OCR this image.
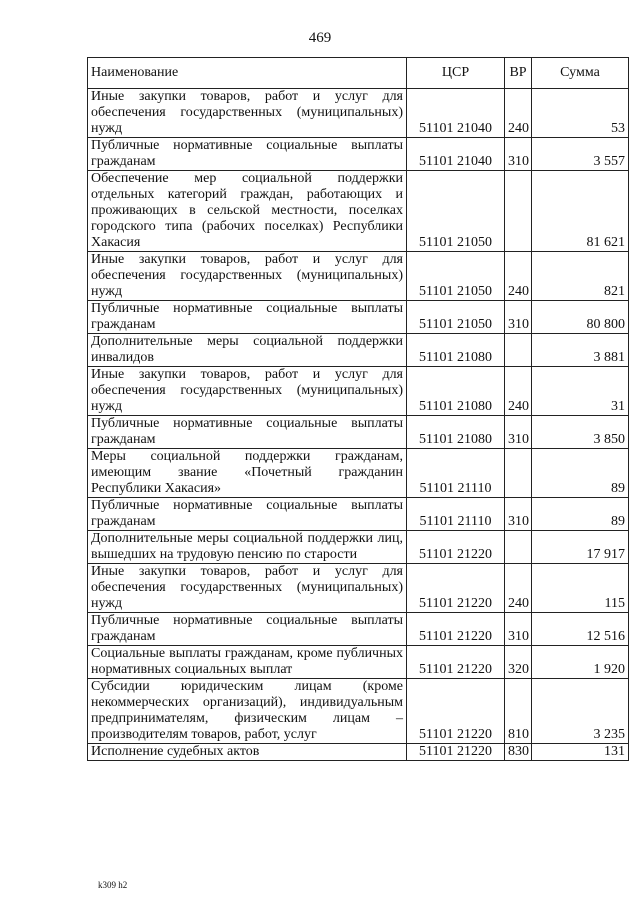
469
Наименование	ЦСР	ВР	Сумма
Иные закупки товаров, работ и услуг для обеспечения государственных (муниципальных) нужд	51101 21040	240	53
Публичные нормативные социальные выплаты гражданам	51101 21040	310	3 557
Обеспечение мер социальной поддержки отдельных категорий граждан, работающих и проживающих в сельской местности, поселках городского типа (рабочих поселках) Республики Хакасия	51101 21050		81 621
Иные закупки товаров, работ и услуг для обеспечения государственных (муниципальных) нужд	51101 21050	240	821
Публичные нормативные социальные выплаты гражданам	51101 21050	310	80 800
Дополнительные меры социальной поддержки инвалидов	51101 21080		3 881
Иные закупки товаров, работ и услуг для обеспечения государственных (муниципальных) нужд	51101 21080	240	31
Публичные нормативные социальные выплаты гражданам	51101 21080	310	3 850
Меры социальной поддержки гражданам, имеющим звание «Почетный гражданин Республики Хакасия»	51101 21110		89
Публичные нормативные социальные выплаты гражданам	51101 21110	310	89
Дополнительные меры социальной поддержки лиц, вышедших на трудовую пенсию по старости	51101 21220		17 917
Иные закупки товаров, работ и услуг для обеспечения государственных (муниципальных) нужд	51101 21220	240	115
Публичные нормативные социальные выплаты гражданам	51101 21220	310	12 516
Социальные выплаты гражданам, кроме публичных нормативных социальных выплат	51101 21220	320	1 920
Субсидии юридическим лицам (кроме некоммерческих организаций), индивидуальным предпринимателям, физическим лицам – производителям товаров, работ, услуг	51101 21220	810	3 235
Исполнение судебных актов	51101 21220	830	131
k309 h2
